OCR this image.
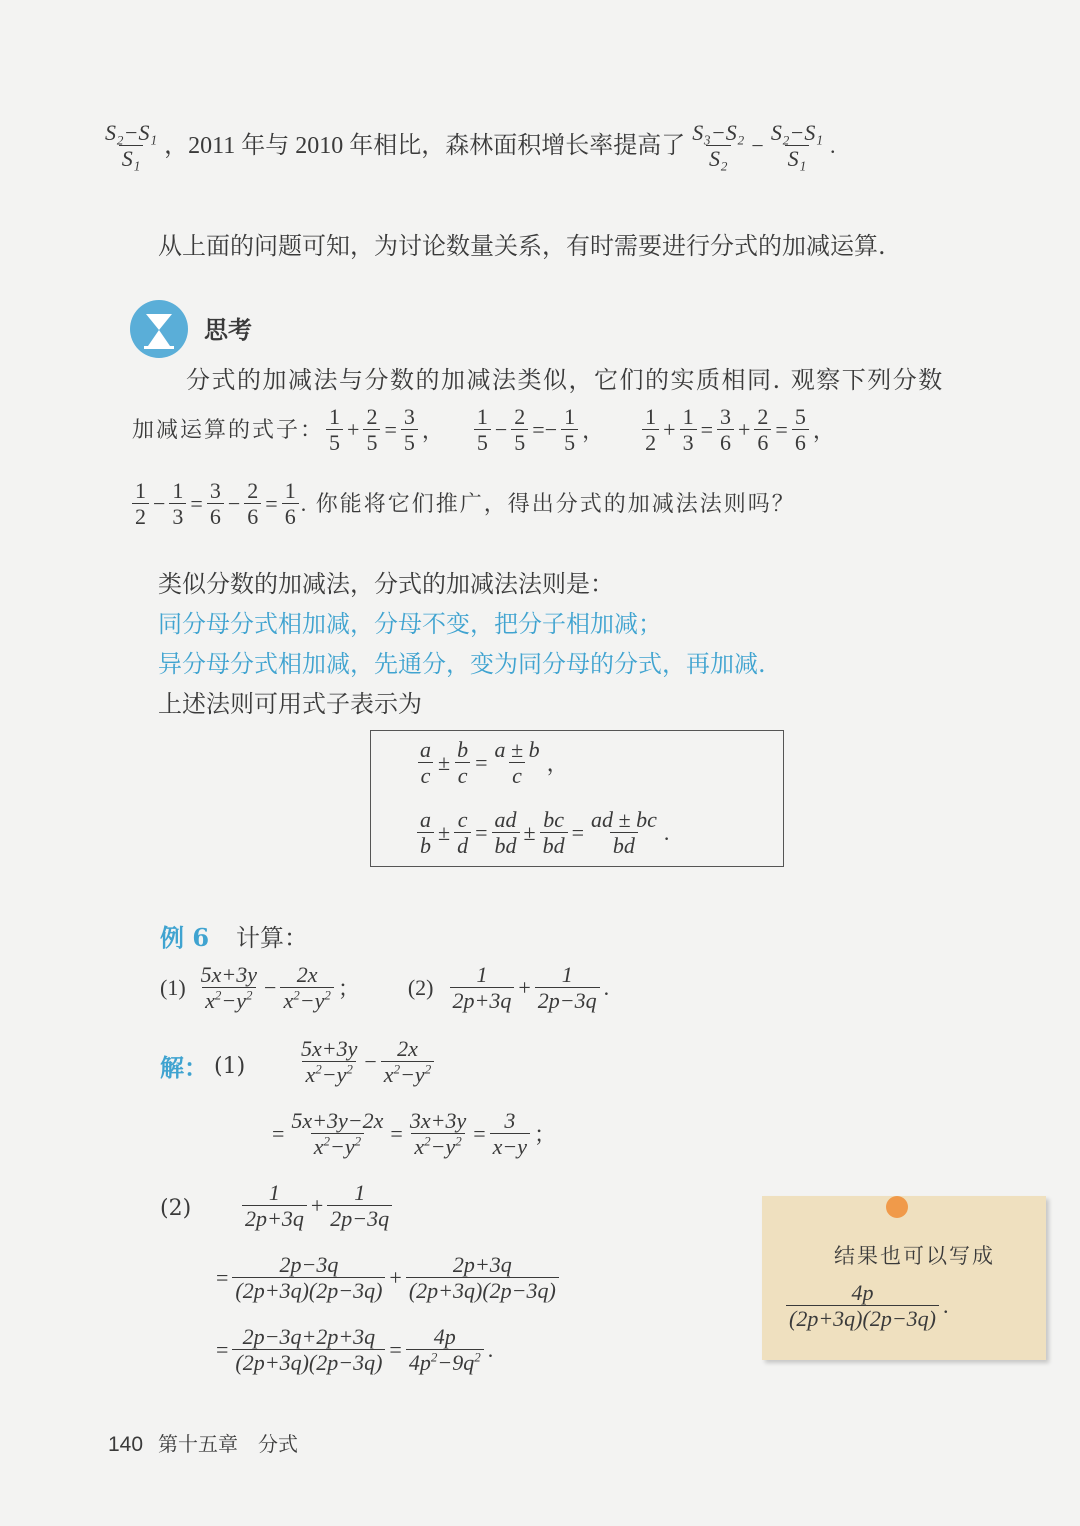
$\frac{\text{S₂−S₁}}{\text{S₁}}$ ，2011 年与 2010 年相比，森林面积增长率提高了 $\frac{\text{S₃−S₂}}{\text{S₂}} - \frac{\text{S₂−S₁}}{\text{S₁}}$ .
从上面的问题可知，为讨论数量关系，有时需要进行分式的加减运算.
思考
分式的加减法与分数的加减法类似，它们的实质相同. 观察下列分数
加减运算的式子： $\frac{1}{5} + \frac{2}{5} = \frac{3}{5}$ ， $\frac{1}{5} - \frac{2}{5} =- \frac{1}{5}$ ， $\frac{1}{2} + \frac{1}{3} = \frac{3}{6} + \frac{2}{6} = \frac{5}{6}$ ，
$\frac{1}{2} - \frac{1}{3} = \frac{3}{6} - \frac{2}{6} = \frac{1}{6}$ . 你能将它们推广，得出分式的加减法法则吗？
类似分数的加减法，分式的加减法法则是：
同分母分式相加减，分母不变，把分子相加减；
异分母分式相加减，先通分，变为同分母的分式，再加减.
上述法则可用式子表示为
$\frac{a}{c} \pm \frac{b}{c} = \frac{a \pm b}{c}$ ，
$\frac{a}{b} \pm \frac{c}{d} = \frac{ad}{bd} \pm \frac{bc}{bd} = \frac{ad \pm bc}{bd}$ .
例 6 计算：
$(1) \frac{5x+3y}{x^2-y^2} - \frac{2x}{x^2-y^2}$ ； $(2) \frac{1}{2p+3q} + \frac{1}{2p-3q}$ .
解： $(1) \frac{5x+3y}{x^2-y^2} - \frac{2x}{x^2-y^2}$
= $\frac{5x+3y-2x}{x^2-y^2} = \frac{3x+3y}{x^2-y^2} = \frac{3}{x-y}$ ；
$(2) \frac{1}{2p+3q} + \frac{1}{2p-3q}$
= $\frac{2p-3q}{(2p+3q)(2p-3q)} + \frac{2p+3q}{(2p+3q)(2p-3q)}$
= $\frac{2p-3q+2p+3q}{(2p+3q)(2p-3q)} = \frac{4p}{4p^2-9q^2}$ .
结果也可以写成
$\frac{4p}{(2p+3q)(2p-3q)}$ .
140 第十五章 分式
